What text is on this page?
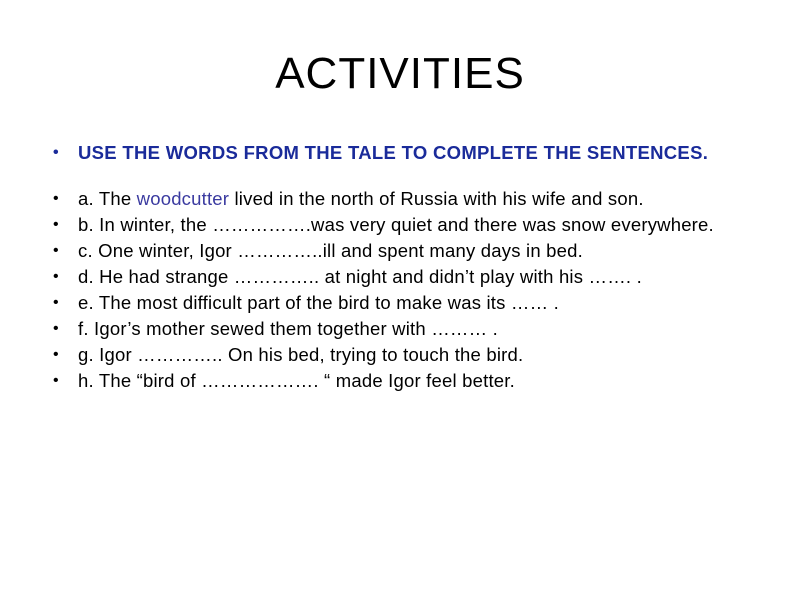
ACTIVITIES
• USE THE WORDS FROM THE TALE TO COMPLETE THE SENTENCES.
• a. The woodcutter lived in the north of Russia with his wife and son.
• b. In winter, the …………….was very quiet and there was snow everywhere.
• c. One winter, Igor …………..ill and spent many days in bed.
• d. He had strange ………….. at night and didn’t play with his ……. .
• e. The most difficult part of the bird to make was its …… .
• f. Igor’s mother sewed them together with ……… .
• g. Igor ………….. On his bed, trying to touch the bird.
• h. The “bird of ………………. “ made Igor feel better.
